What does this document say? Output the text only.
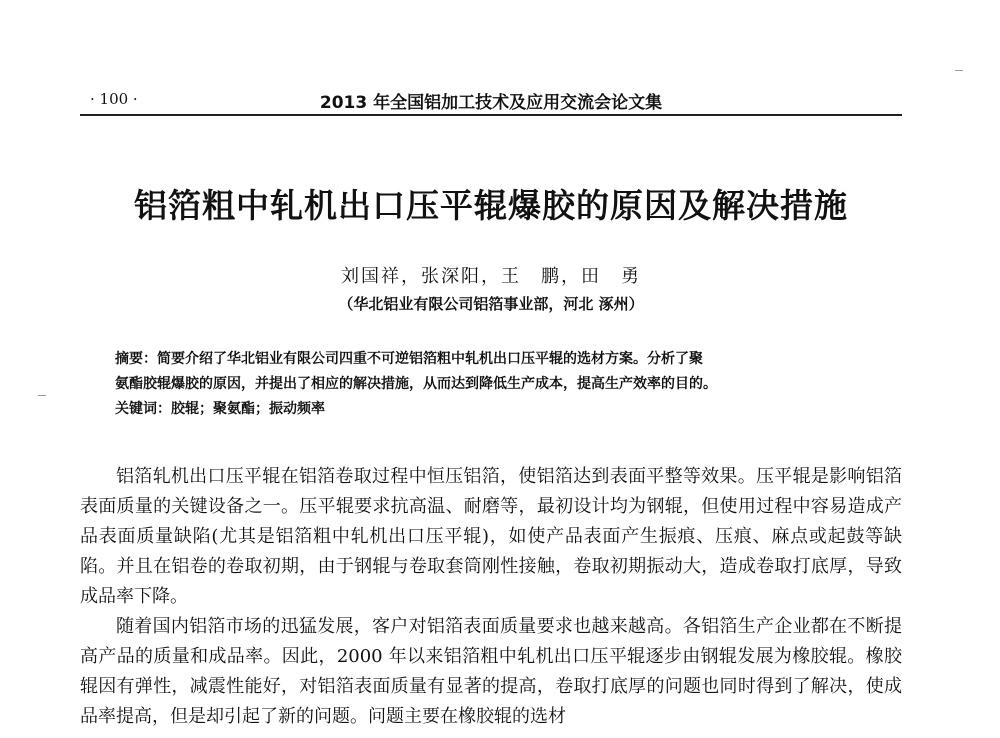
· 100 ·	2013 年全国铝加工技术及应用交流会论文集
铝箔粗中轧机出口压平辊爆胶的原因及解决措施
刘国祥，张深阳，王　鹏，田　勇
（华北铝业有限公司铝箔事业部，河北 涿州）

摘要：简要介绍了华北铝业有限公司四重不可逆铝箔粗中轧机出口压平辊的选材方案。分析了聚

氨酯胶辊爆胶的原因，并提出了相应的解决措施，从而达到降低生产成本，提高生产效率的目的。

关键词：胶辊；聚氨酯；振动频率

铝箔轧机出口压平辊在铝箔卷取过程中恒压铝箔，使铝箔达到表面平整等效果。压平辊是影响铝箔表面质量的关键设备之一。压平辊要求抗高温、耐磨等，最初设计均为钢辊，但使用过程中容易造成产品表面质量缺陷(尤其是铝箔粗中轧机出口压平辊)，如使产品表面产生振痕、压痕、麻点或起鼓等缺陷。并且在铝卷的卷取初期，由于钢辊与卷取套筒刚性接触，卷取初期振动大，造成卷取打底厚，导致成品率下降。

随着国内铝箔市场的迅猛发展，客户对铝箔表面质量要求也越来越高。各铝箔生产企业都在不断提高产品的质量和成品率。因此，2000 年以来铝箔粗中轧机出口压平辊逐步由钢辊发展为橡胶辊。橡胶辊因有弹性，减震性能好，对铝箔表面质量有显著的提高，卷取打底厚的问题也同时得到了解决，使成品率提高，但是却引起了新的问题。问题主要在橡胶辊的选材
